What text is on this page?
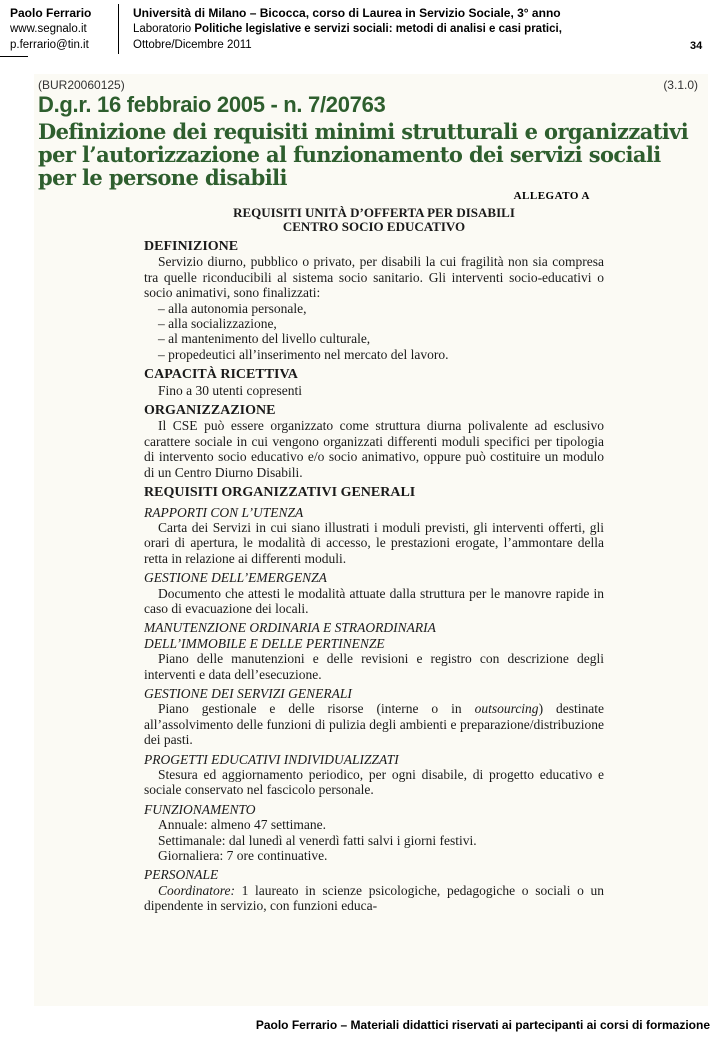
Paolo Ferrario
www.segnalo.it
p.ferrario@tin.it
Università di Milano – Bicocca, corso di Laurea in Servizio Sociale, 3° anno
Laboratorio Politiche legislative e servizi sociali: metodi di analisi e casi pratici,
Ottobre/Dicembre 2011	34
(BUR20060125)	(3.1.0)
D.g.r. 16 febbraio 2005 - n. 7/20763
Definizione dei requisiti minimi strutturali e organizzativi
per l’autorizzazione al funzionamento dei servizi sociali
per le persone disabili
ALLEGATO A
REQUISITI UNITÀ D’OFFERTA PER DISABILI
CENTRO SOCIO EDUCATIVO
DEFINIZIONE
Servizio diurno, pubblico o privato, per disabili la cui fragilità non sia compresa tra quelle riconducibili al sistema socio sanitario. Gli interventi socio-educativi o socio animativi, sono finalizzati:
– alla autonomia personale,
– alla socializzazione,
– al mantenimento del livello culturale,
– propedeutici all’inserimento nel mercato del lavoro.
CAPACITÀ RICETTIVA
Fino a 30 utenti copresenti
ORGANIZZAZIONE
Il CSE può essere organizzato come struttura diurna polivalente ad esclusivo carattere sociale in cui vengono organizzati differenti moduli specifici per tipologia di intervento socio educativo e/o socio animativo, oppure può costituire un modulo di un Centro Diurno Disabili.
REQUISITI ORGANIZZATIVI GENERALI
RAPPORTI CON L’UTENZA
Carta dei Servizi in cui siano illustrati i moduli previsti, gli interventi offerti, gli orari di apertura, le modalità di accesso, le prestazioni erogate, l’ammontare della retta in relazione ai differenti moduli.
GESTIONE DELL’EMERGENZA
Documento che attesti le modalità attuate dalla struttura per le manovre rapide in caso di evacuazione dei locali.
MANUTENZIONE ORDINARIA E STRAORDINARIA
DELL’IMMOBILE E DELLE PERTINENZE
Piano delle manutenzioni e delle revisioni e registro con descrizione degli interventi e data dell’esecuzione.
GESTIONE DEI SERVIZI GENERALI
Piano gestionale e delle risorse (interne o in outsourcing) destinate all’assolvimento delle funzioni di pulizia degli ambienti e preparazione/distribuzione dei pasti.
PROGETTI EDUCATIVI INDIVIDUALIZZATI
Stesura ed aggiornamento periodico, per ogni disabile, di progetto educativo e sociale conservato nel fascicolo personale.
FUNZIONAMENTO
Annuale: almeno 47 settimane.
Settimanale: dal lunedì al venerdì fatti salvi i giorni festivi.
Giornaliera: 7 ore continuative.
PERSONALE
Coordinatore: 1 laureato in scienze psicologiche, pedagogiche o sociali o un dipendente in servizio, con funzioni educa-
Paolo Ferrario – Materiali didattici riservati ai partecipanti ai corsi di formazione
